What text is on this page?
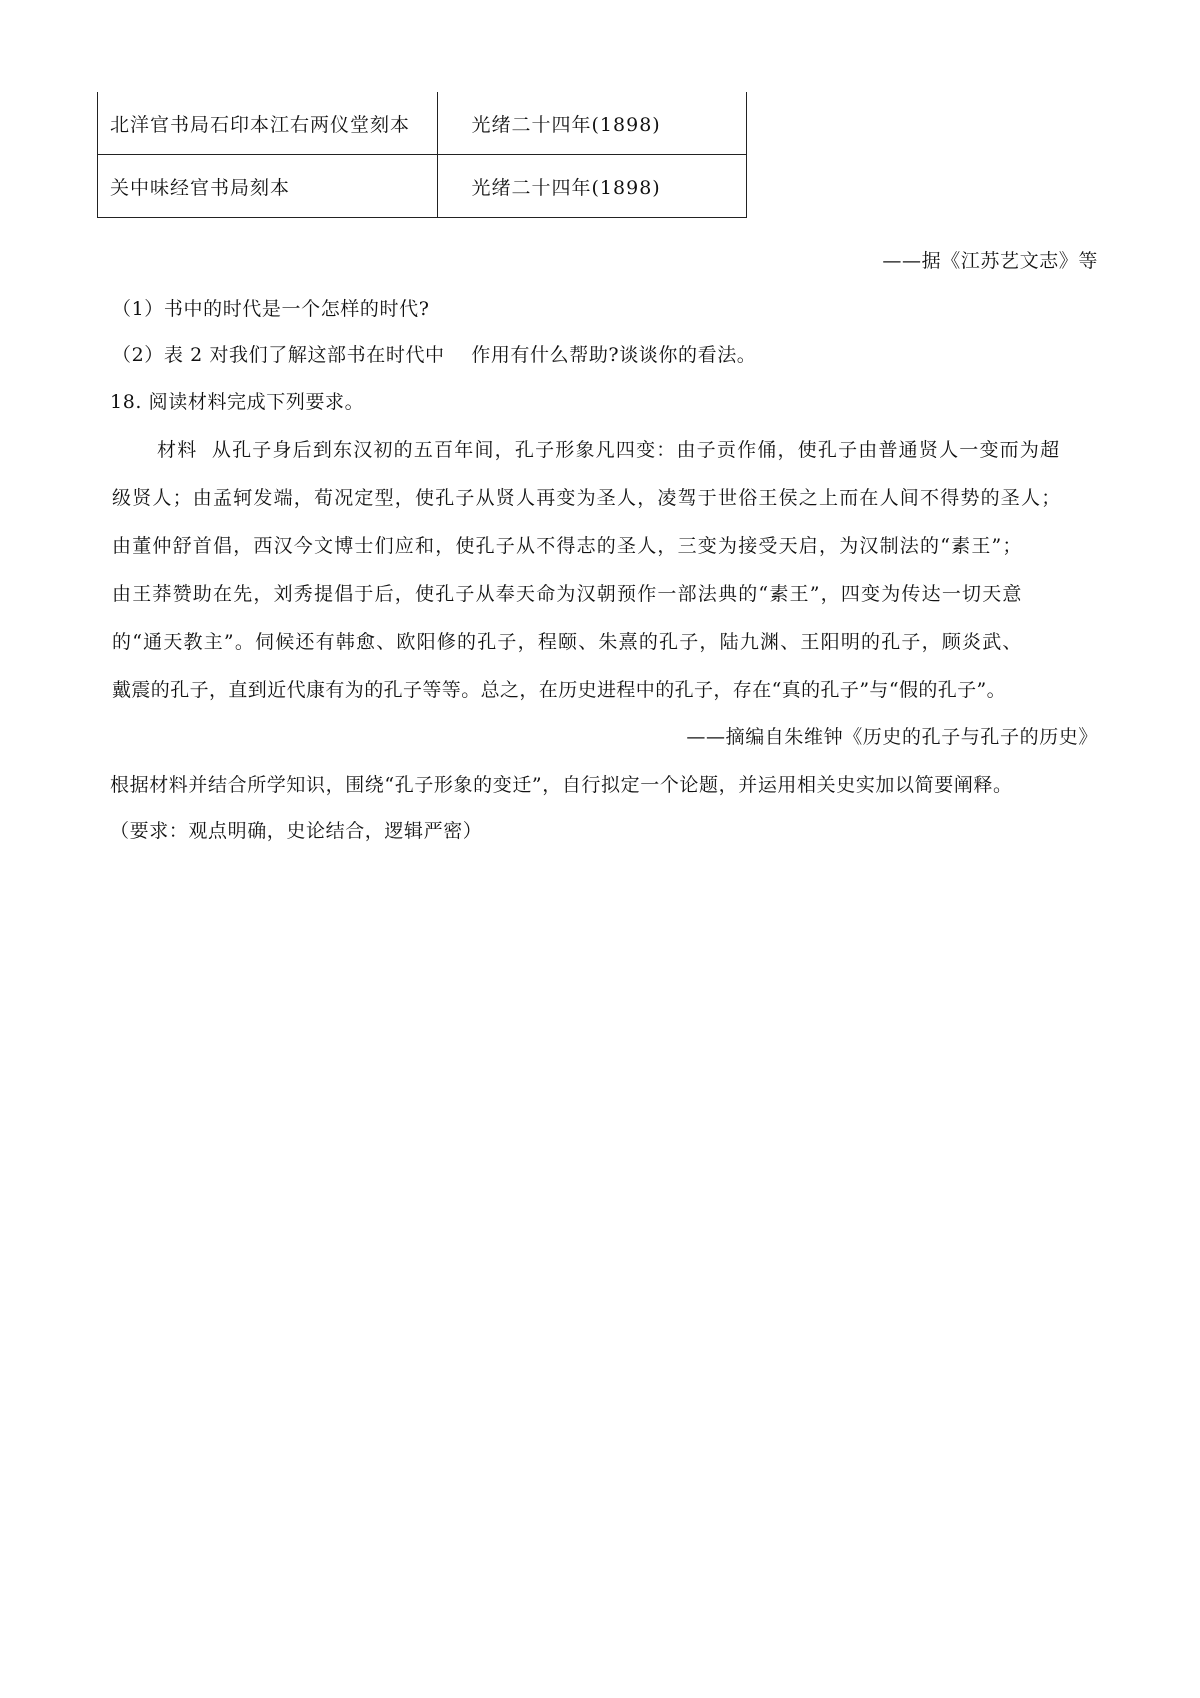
北洋官书局石印本江右两仪堂刻本	光绪二十四年(1898)
关中味经官书局刻本	光绪二十四年(1898)
——据《江苏艺文志》等
（1）书中的时代是一个怎样的时代?
（2）表 2 对我们了解这部书在时代中    作用有什么帮助?谈谈你的看法。
18. 阅读材料完成下列要求。
材料  从孔子身后到东汉初的五百年间，孔子形象凡四变：由子贡作俑，使孔子由普通贤人一变而为超
级贤人；由孟轲发端，荀况定型，使孔子从贤人再变为圣人，凌驾于世俗王侯之上而在人间不得势的圣人；
由董仲舒首倡，西汉今文博士们应和，使孔子从不得志的圣人，三变为接受天启，为汉制法的“素王”；
由王莽赞助在先，刘秀提倡于后，使孔子从奉天命为汉朝预作一部法典的“素王”，四变为传达一切天意
的“通天教主”。伺候还有韩愈、欧阳修的孔子，程颐、朱熹的孔子，陆九渊、王阳明的孔子，顾炎武、
戴震的孔子，直到近代康有为的孔子等等。总之，在历史进程中的孔子，存在“真的孔子”与“假的孔子”。
——摘编自朱维钟《历史的孔子与孔子的历史》
根据材料并结合所学知识，围绕“孔子形象的变迁”，自行拟定一个论题，并运用相关史实加以简要阐释。
（要求：观点明确，史论结合，逻辑严密）
